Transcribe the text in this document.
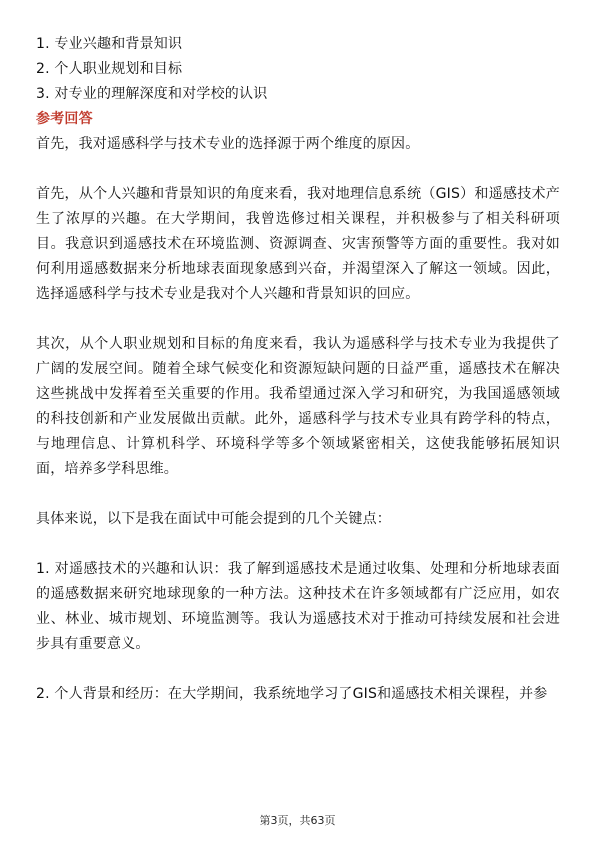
1. 专业兴趣和背景知识

2. 个人职业规划和目标

3. 对专业的理解深度和对学校的认识

参考回答

首先，我对遥感科学与技术专业的选择源于两个维度的原因。

首先，从个人兴趣和背景知识的角度来看，我对地理信息系统（GIS）和遥感技术产生了浓厚的兴趣。在大学期间，我曾选修过相关课程，并积极参与了相关科研项目。我意识到遥感技术在环境监测、资源调查、灾害预警等方面的重要性。我对如何利用遥感数据来分析地球表面现象感到兴奋，并渴望深入了解这一领域。因此，选择遥感科学与技术专业是我对个人兴趣和背景知识的回应。

其次，从个人职业规划和目标的角度来看，我认为遥感科学与技术专业为我提供了广阔的发展空间。随着全球气候变化和资源短缺问题的日益严重，遥感技术在解决这些挑战中发挥着至关重要的作用。我希望通过深入学习和研究，为我国遥感领域的科技创新和产业发展做出贡献。此外，遥感科学与技术专业具有跨学科的特点，与地理信息、计算机科学、环境科学等多个领域紧密相关，这使我能够拓展知识面，培养多学科思维。

具体来说，以下是我在面试中可能会提到的几个关键点：

1. 对遥感技术的兴趣和认识：我了解到遥感技术是通过收集、处理和分析地球表面的遥感数据来研究地球现象的一种方法。这种技术在许多领域都有广泛应用，如农业、林业、城市规划、环境监测等。我认为遥感技术对于推动可持续发展和社会进步具有重要意义。

2. 个人背景和经历：在大学期间，我系统地学习了GIS和遥感技术相关课程，并参

第3页，共63页
